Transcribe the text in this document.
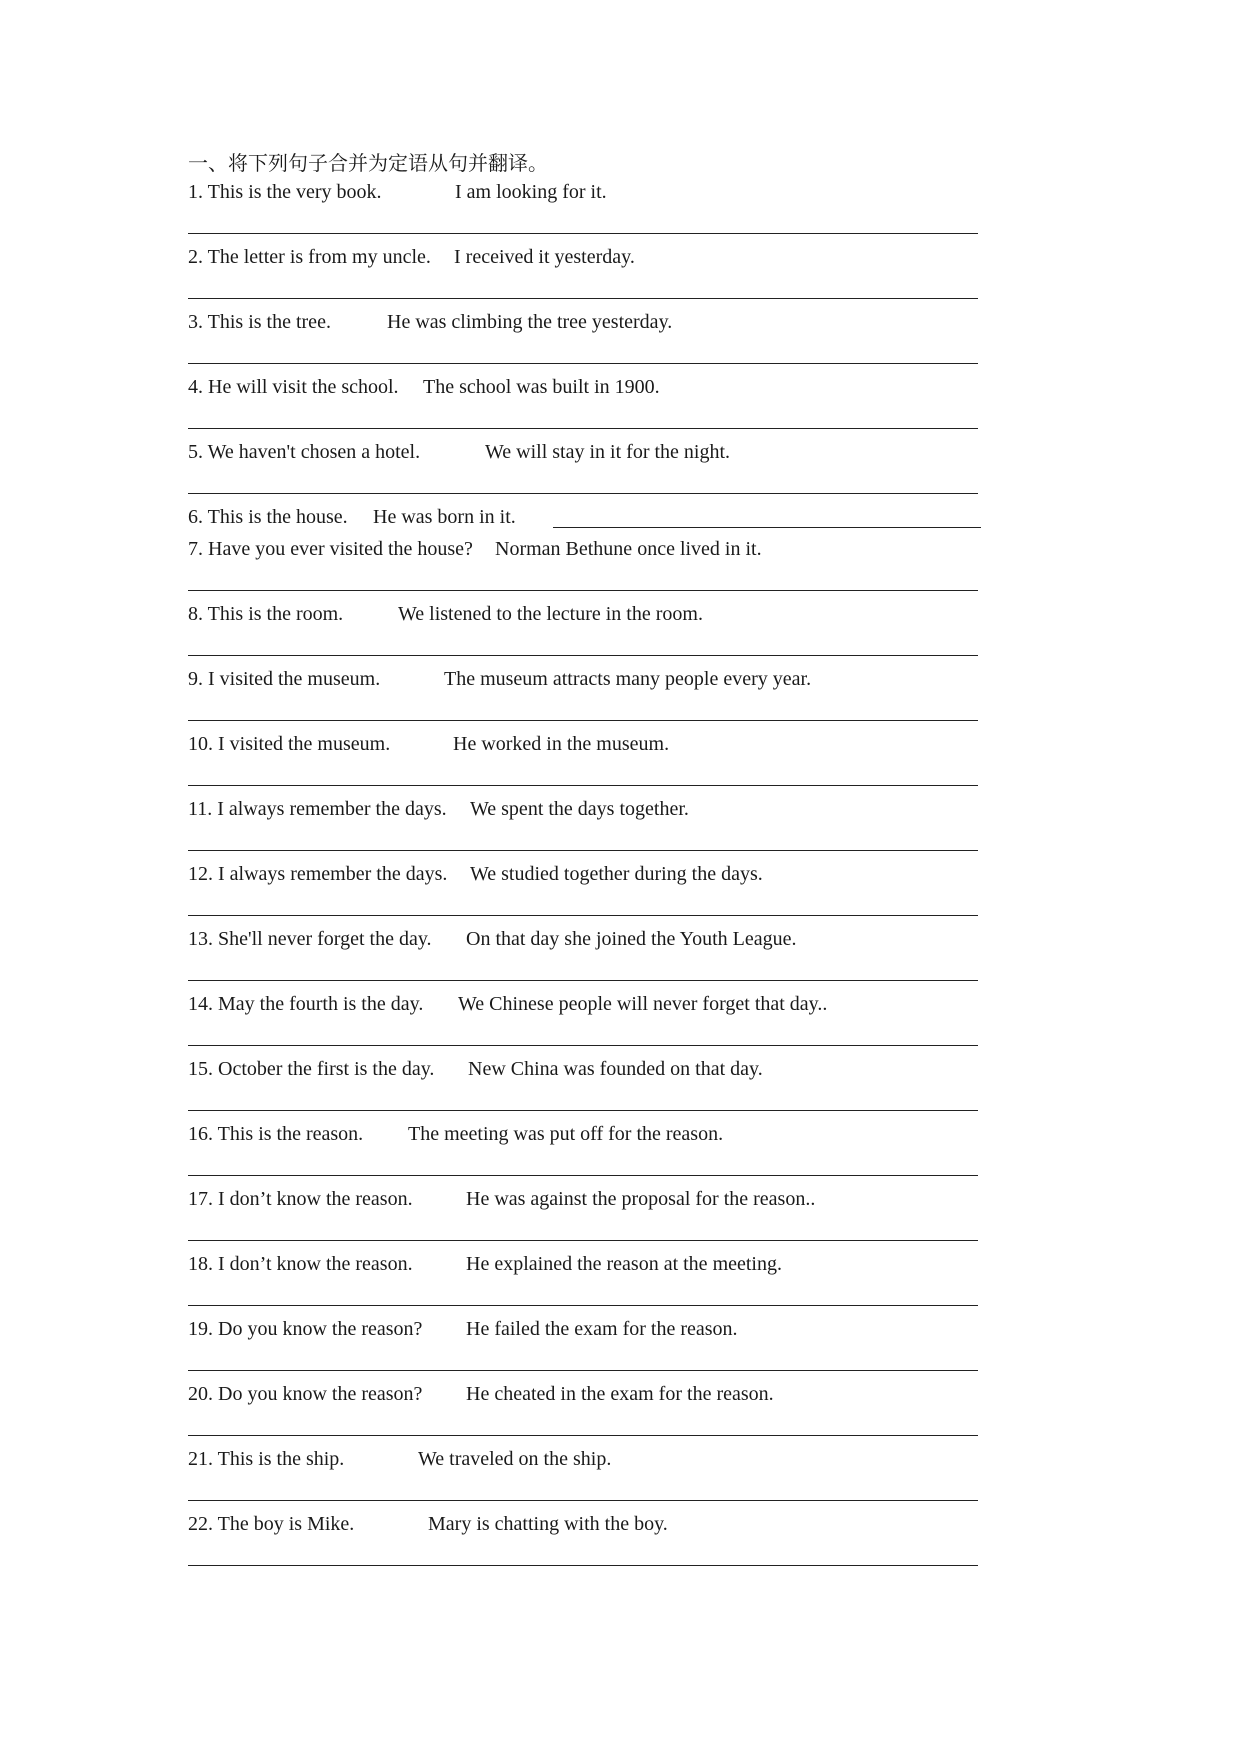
一、将下列句子合并为定语从句并翻译。

1. This is the very book.	I am looking for it.
2. The letter is from my uncle. I received it yesterday.
3. This is the tree.	He was climbing the tree yesterday.
4. He will visit the school. The school was built in 1900.
5. We haven't chosen a hotel.	We will stay in it for the night.
6. This is the house. He was born in it.
7. Have you ever visited the house? Norman Bethune once lived in it.
8. This is the room.	We listened to the lecture in the room.
9. I visited the museum.	The museum attracts many people every year.
10. I visited the museum.	He worked in the museum.
11. I always remember the days. We spent the days together.
12. I always remember the days. We studied together during the days.
13. She'll never forget the day. On that day she joined the Youth League.
14. May the fourth is the day. We Chinese people will never forget that day..
15. October the first is the day. New China was founded on that day.
16. This is the reason. The meeting was put off for the reason.
17. I don’t know the reason.	He was against the proposal for the reason..
18. I don’t know the reason.	He explained the reason at the meeting.
19. Do you know the reason? He failed the exam for the reason.
20. Do you know the reason? He cheated in the exam for the reason.
21. This is the ship.	We traveled on the ship.
22. The boy is Mike.	Mary is chatting with the boy.
